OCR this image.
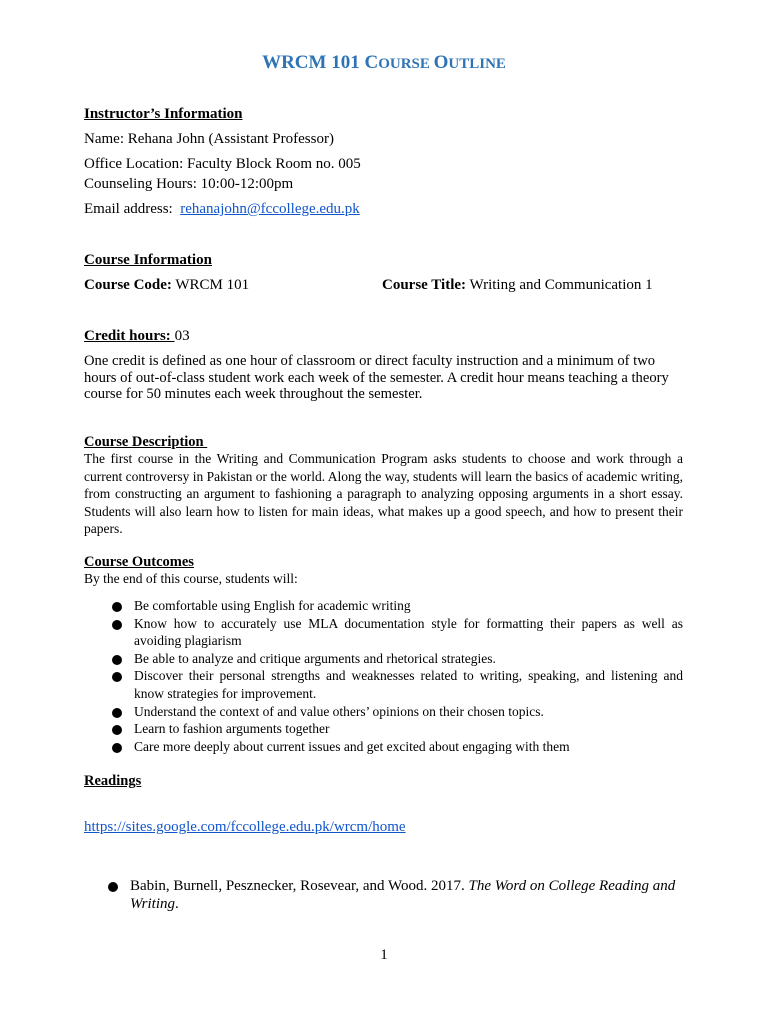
WRCM 101 COURSE OUTLINE
Instructor’s Information
Name: Rehana John (Assistant Professor)
Office Location: Faculty Block Room no. 005
Counseling Hours: 10:00-12:00pm
Email address:  rehanajohn@fccollege.edu.pk
Course Information
Course Code: WRCM 101	Course Title: Writing and Communication 1
Credit hours: 03
One credit is defined as one hour of classroom or direct faculty instruction and a minimum of two hours of out-of-class student work each week of the semester. A credit hour means teaching a theory course for 50 minutes each week throughout the semester.
Course Description
The first course in the Writing and Communication Program asks students to choose and work through a current controversy in Pakistan or the world. Along the way, students will learn the basics of academic writing, from constructing an argument to fashioning a paragraph to analyzing opposing arguments in a short essay. Students will also learn how to listen for main ideas, what makes up a good speech, and how to present their papers.
Course Outcomes
By the end of this course, students will:
Be comfortable using English for academic writing
Know how to accurately use MLA documentation style for formatting their papers as well as avoiding plagiarism
Be able to analyze and critique arguments and rhetorical strategies.
Discover their personal strengths and weaknesses related to writing, speaking, and listening and know strategies for improvement.
Understand the context of and value others’ opinions on their chosen topics.
Learn to fashion arguments together
Care more deeply about current issues and get excited about engaging with them
Readings
https://sites.google.com/fccollege.edu.pk/wrcm/home
Babin, Burnell, Pesznecker, Rosevear, and Wood. 2017. The Word on College Reading and Writing.
1
